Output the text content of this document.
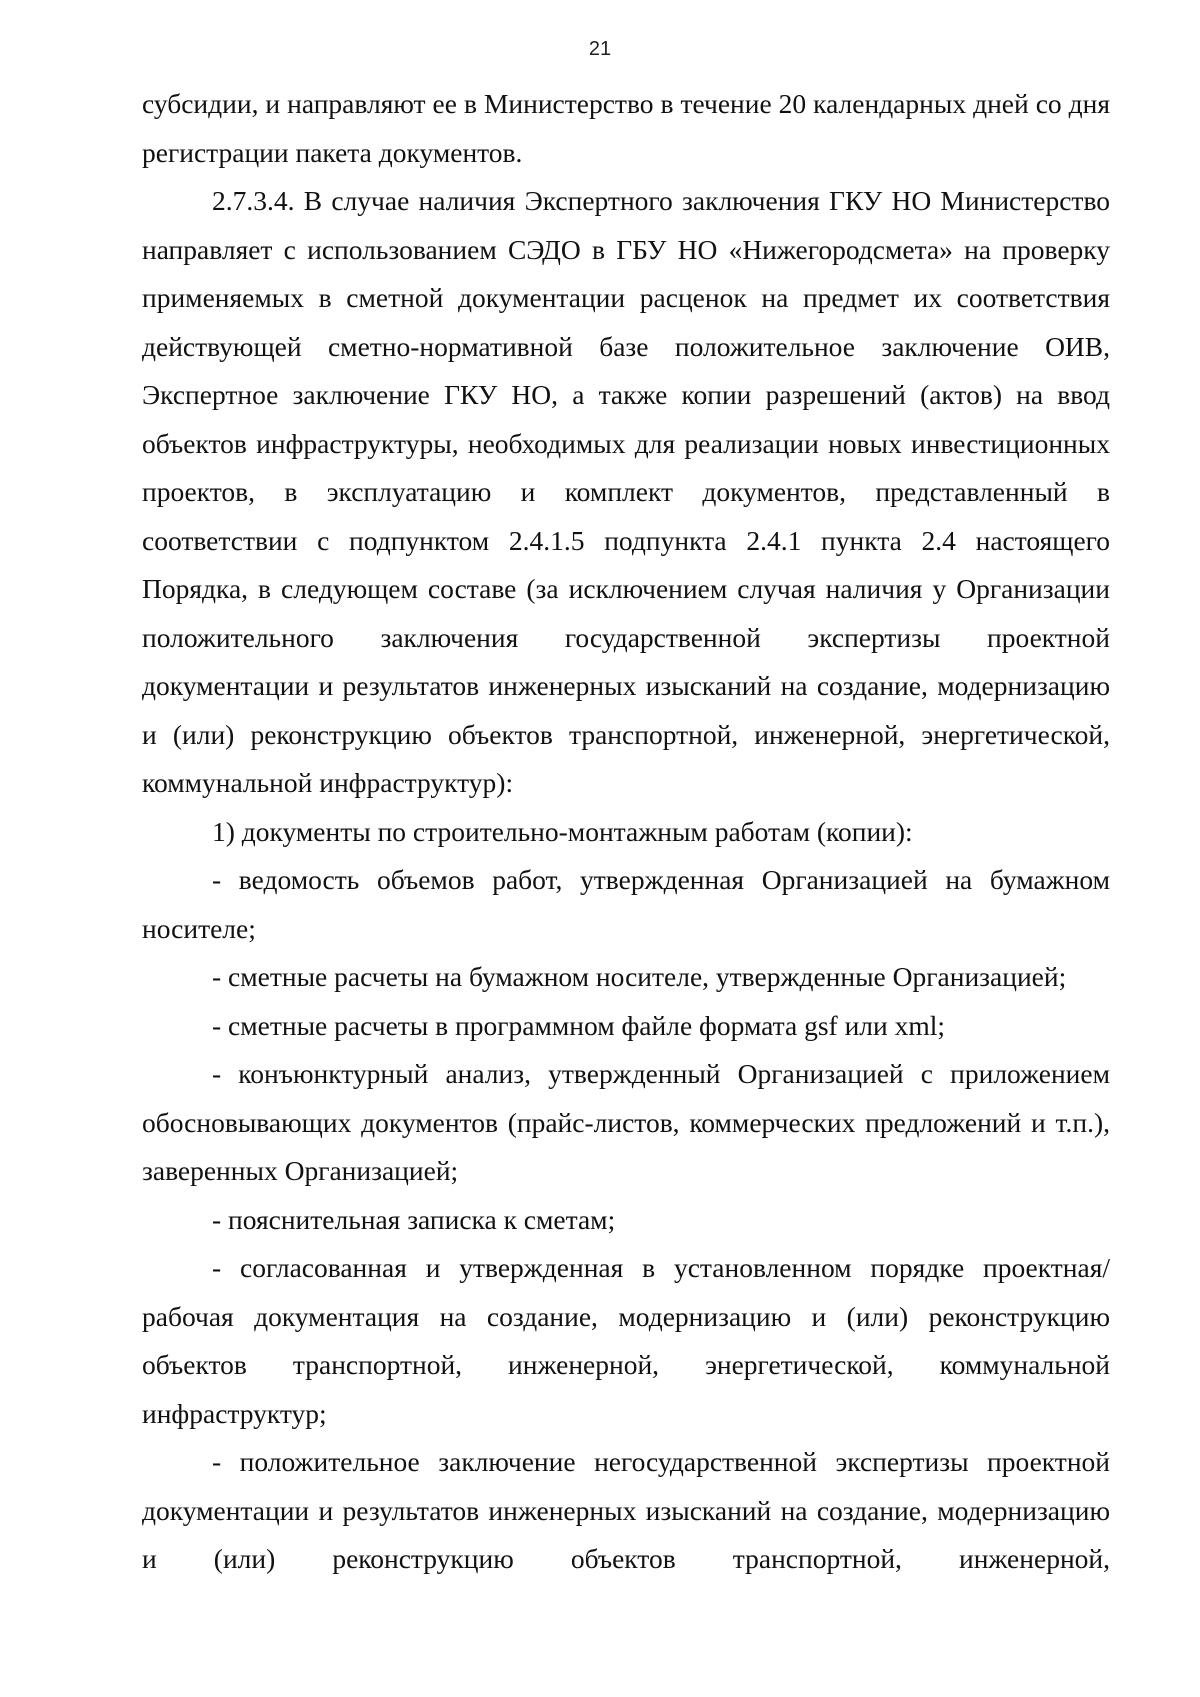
21

субсидии, и направляют ее в Министерство в течение 20 календарных дней со дня регистрации пакета документов.

2.7.3.4. В случае наличия Экспертного заключения ГКУ НО Министерство направляет с использованием СЭДО в ГБУ НО «Нижегородсмета» на проверку применяемых в сметной документации расценок на предмет их соответствия действующей сметно-нормативной базе положительное заключение ОИВ, Экспертное заключение ГКУ НО, а также копии разрешений (актов) на ввод объектов инфраструктуры, необходимых для реализации новых инвестиционных проектов, в эксплуатацию и комплект документов, представленный в соответствии с подпунктом 2.4.1.5 подпункта 2.4.1 пункта 2.4 настоящего Порядка, в следующем составе (за исключением случая наличия у Организации положительного заключения государственной экспертизы проектной документации и результатов инженерных изысканий на создание, модернизацию и (или) реконструкцию объектов транспортной, инженерной, энергетической, коммунальной инфраструктур):

1) документы по строительно-монтажным работам (копии):

- ведомость объемов работ, утвержденная Организацией на бумажном носителе;

- сметные расчеты на бумажном носителе, утвержденные Организацией;

- сметные расчеты в программном файле формата gsf или xml;

- конъюнктурный анализ, утвержденный Организацией с приложением обосновывающих документов (прайс-листов, коммерческих предложений и т.п.), заверенных Организацией;

- пояснительная записка к сметам;

- согласованная и утвержденная в установленном порядке проектная/рабочая документация на создание, модернизацию и (или) реконструкцию объектов транспортной, инженерной, энергетической, коммунальной инфраструктур;

- положительное заключение негосударственной экспертизы проектной документации и результатов инженерных изысканий на создание, модернизацию и (или) реконструкцию объектов транспортной, инженерной,
